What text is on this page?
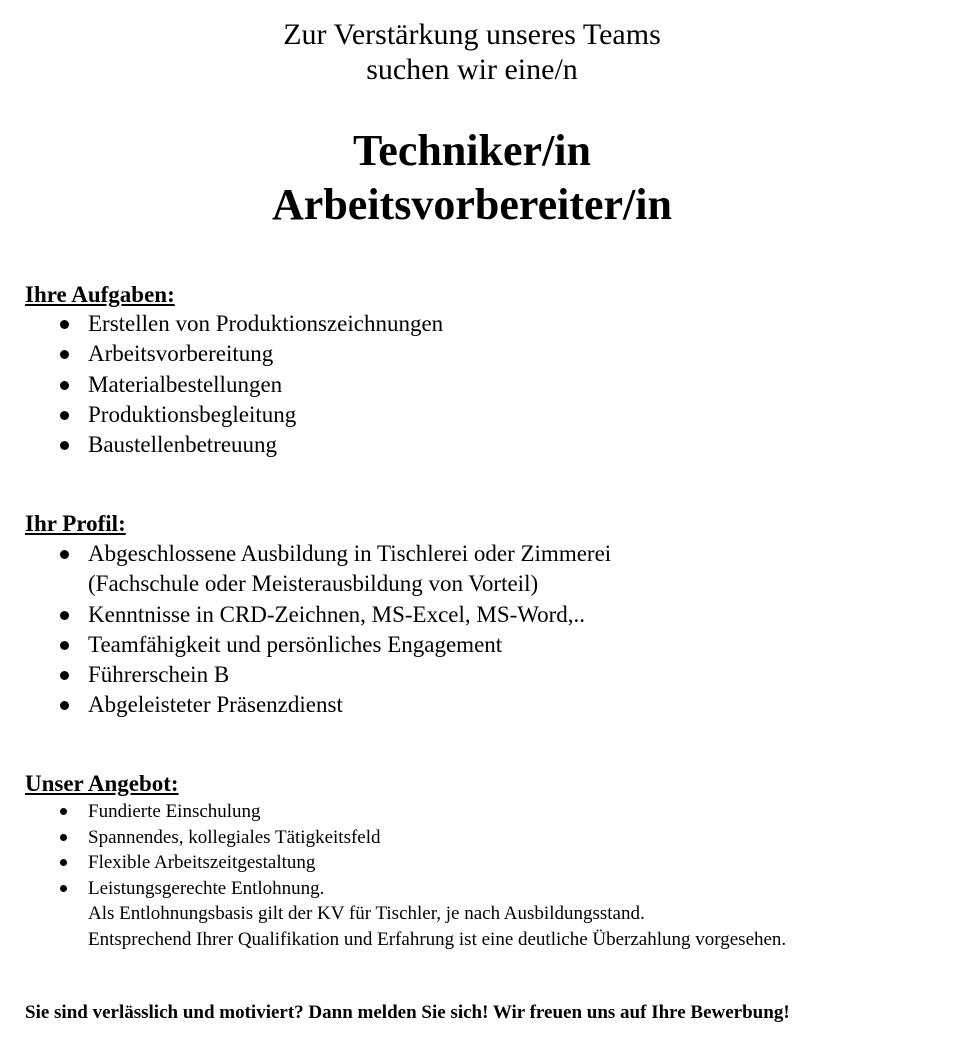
Zur Verstärkung unseres Teams
suchen wir eine/n
Techniker/in
Arbeitsvorbereiter/in
Ihre Aufgaben:
Erstellen von Produktionszeichnungen
Arbeitsvorbereitung
Materialbestellungen
Produktionsbegleitung
Baustellenbetreuung
Ihr Profil:
Abgeschlossene Ausbildung in Tischlerei oder Zimmerei
(Fachschule oder Meisterausbildung von Vorteil)
Kenntnisse in CRD-Zeichnen, MS-Excel, MS-Word,..
Teamfähigkeit und persönliches Engagement
Führerschein B
Abgeleisteter Präsenzdienst
Unser Angebot:
Fundierte Einschulung
Spannendes, kollegiales Tätigkeitsfeld
Flexible Arbeitszeitgestaltung
Leistungsgerechte Entlohnung.
Als Entlohnungsbasis gilt der KV für Tischler, je nach Ausbildungsstand.
Entsprechend Ihrer Qualifikation und Erfahrung ist eine deutliche Überzahlung vorgesehen.
Sie sind verlässlich und motiviert? Dann melden Sie sich! Wir freuen uns auf Ihre Bewerbung!
